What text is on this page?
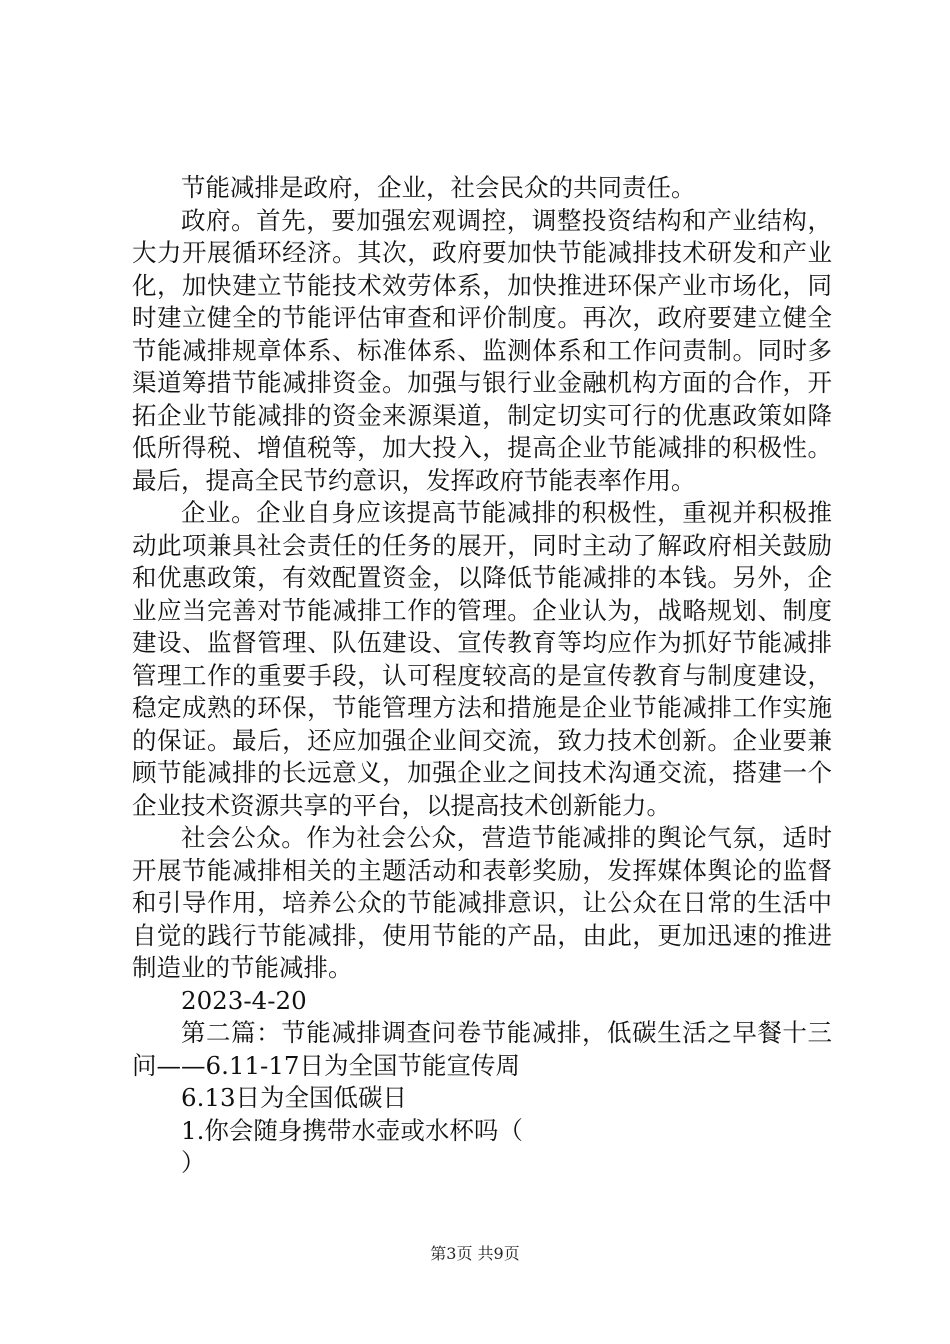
节能减排是政府，企业，社会民众的共同责任。

政府。首先，要加强宏观调控，调整投资结构和产业结构，大力开展循环经济。其次，政府要加快节能减排技术研发和产业化，加快建立节能技术效劳体系，加快推进环保产业市场化，同时建立健全的节能评估审查和评价制度。再次，政府要建立健全节能减排规章体系、标准体系、监测体系和工作问责制。同时多渠道筹措节能减排资金。加强与银行业金融机构方面的合作，开拓企业节能减排的资金来源渠道，制定切实可行的优惠政策如降低所得税、增值税等，加大投入，提高企业节能减排的积极性。最后，提高全民节约意识，发挥政府节能表率作用。

企业。企业自身应该提高节能减排的积极性，重视并积极推动此项兼具社会责任的任务的展开，同时主动了解政府相关鼓励和优惠政策，有效配置资金，以降低节能减排的本钱。另外，企业应当完善对节能减排工作的管理。企业认为，战略规划、制度建设、监督管理、队伍建设、宣传教育等均应作为抓好节能减排管理工作的重要手段，认可程度较高的是宣传教育与制度建设，稳定成熟的环保，节能管理方法和措施是企业节能减排工作实施的保证。最后，还应加强企业间交流，致力技术创新。企业要兼顾节能减排的长远意义，加强企业之间技术沟通交流，搭建一个企业技术资源共享的平台，以提高技术创新能力。

社会公众。作为社会公众，营造节能减排的舆论气氛，适时开展节能减排相关的主题活动和表彰奖励，发挥媒体舆论的监督和引导作用，培养公众的节能减排意识，让公众在日常的生活中自觉的践行节能减排，使用节能的产品，由此，更加迅速的推进制造业的节能减排。

2023-4-20

第二篇：节能减排调查问卷节能减排，低碳生活之早餐十三问——6.11-17日为全国节能宣传周

6.13日为全国低碳日

1.你会随身携带水壶或水杯吗（

）

第3页 共9页
